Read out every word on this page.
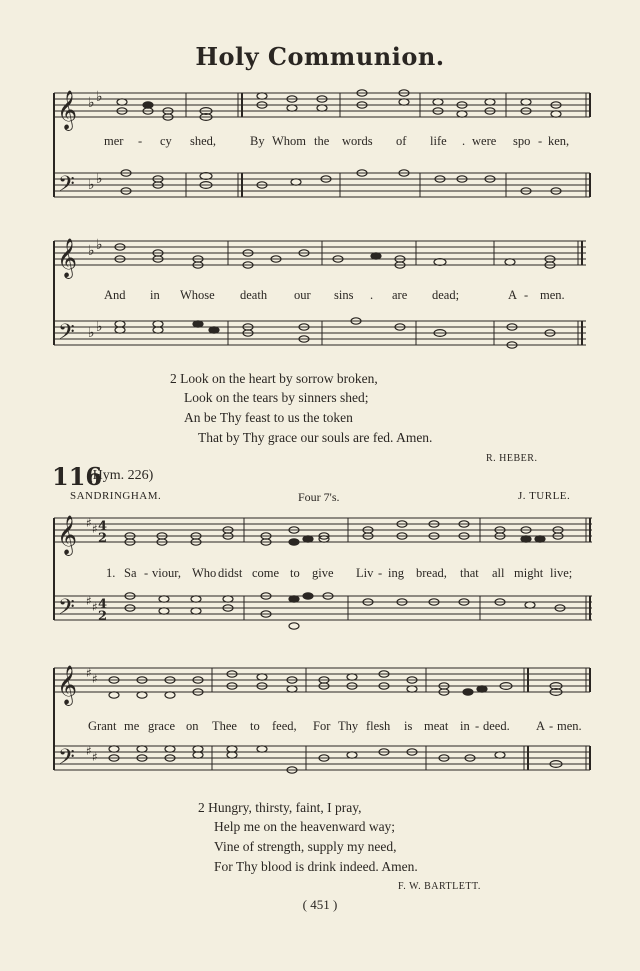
Holy Communion.
𝄞
𝄢
♭ ♭
♭ ♭
mer - cy shed,	By Whom the words of life . were spo - ken,
𝄞
𝄢
♭ ♭
♭ ♭
And in Whose death our sins . are dead;	A - men.
2 Look on the heart by sorrow broken,
Look on the tears by sinners shed;
An be Thy feast to us the token
That by Thy grace our souls are fed. Amen.
R. HEBER.
116
(Hym. 226)
SANDRINGHAM.	Four 7's.	J. TURLE.
𝄞
𝄢
♯ ♯
♯ ♯
4
2
4
2
1. Sa - viour, Who didst come to give Liv - ing bread, that all might live;
𝄞
𝄢
♯ ♯
♯ ♯
Grant me grace on Thee to feed, For Thy flesh is meat in - deed. A - men.
2 Hungry, thirsty, faint, I pray,
Help me on the heavenward way;
Vine of strength, supply my need,
For Thy blood is drink indeed. Amen.
F. W. BARTLETT.
( 451 )
